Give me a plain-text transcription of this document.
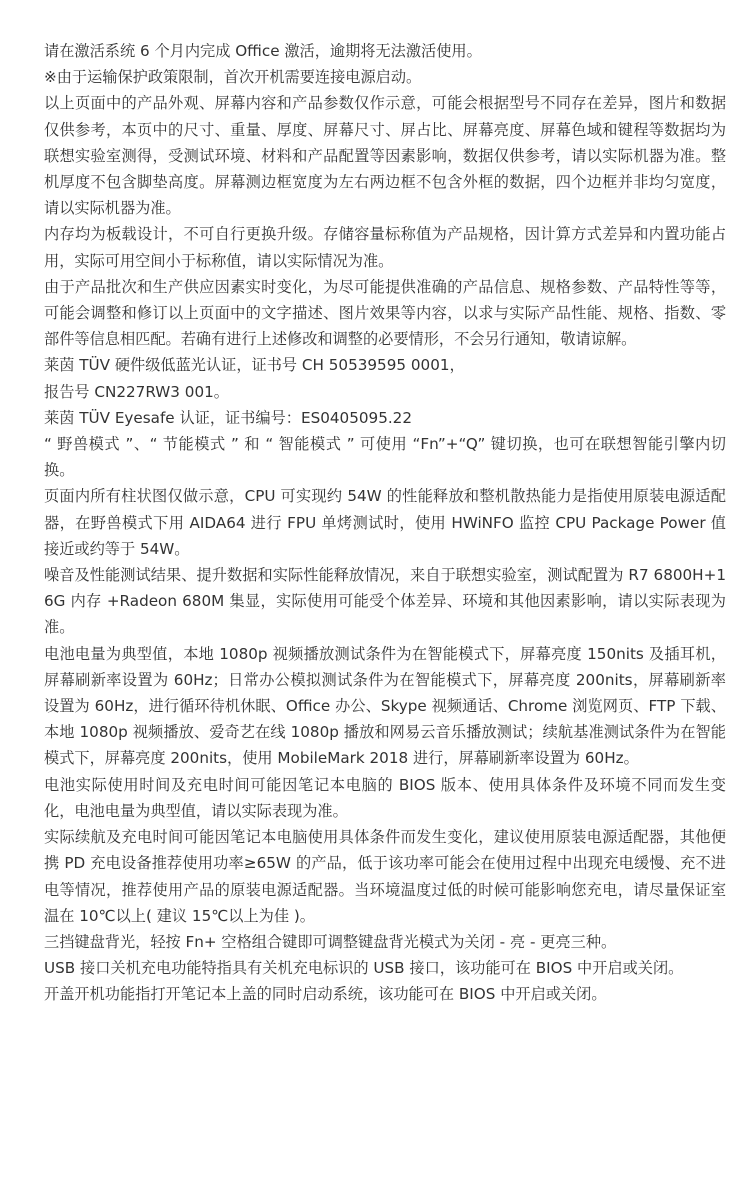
请在激活系统 6 个月内完成 Office 激活，逾期将无法激活使用。

※由于运输保护政策限制，首次开机需要连接电源启动。

以上页面中的产品外观、屏幕内容和产品参数仅作示意，可能会根据型号不同存在差异，图片和数据仅供参考，本页中的尺寸、重量、厚度、屏幕尺寸、屏占比、屏幕亮度、屏幕色域和键程等数据均为联想实验室测得，受测试环境、材料和产品配置等因素影响，数据仅供参考，请以实际机器为准。整机厚度不包含脚垫高度。屏幕测边框宽度为左右两边框不包含外框的数据，四个边框并非均匀宽度，请以实际机器为准。

内存均为板载设计，不可自行更换升级。存储容量标称值为产品规格，因计算方式差异和内置功能占用，实际可用空间小于标称值，请以实际情况为准。

由于产品批次和生产供应因素实时变化，为尽可能提供准确的产品信息、规格参数、产品特性等等，可能会调整和修订以上页面中的文字描述、图片效果等内容，以求与实际产品性能、规格、指数、零部件等信息相匹配。若确有进行上述修改和调整的必要情形，不会另行通知，敬请谅解。

莱茵 TÜV 硬件级低蓝光认证，证书号 CH 50539595 0001，

报告号 CN227RW3 001。

莱茵 TÜV Eyesafe 认证，证书编号：ES0405095.22

“ 野兽模式 ”、“ 节能模式 ” 和 “ 智能模式 ” 可使用 “Fn”+“Q” 键切换，也可在联想智能引擎内切换。

页面内所有柱状图仅做示意，CPU 可实现约 54W 的性能释放和整机散热能力是指使用原装电源适配器，在野兽模式下用 AIDA64 进行 FPU 单烤测试时，使用 HWiNFO 监控 CPU Package Power 值接近或约等于 54W。

噪音及性能测试结果、提升数据和实际性能释放情况，来自于联想实验室，测试配置为 R7 6800H+16G 内存 +Radeon 680M 集显，实际使用可能受个体差异、环境和其他因素影响，请以实际表现为准。

电池电量为典型值，本地 1080p 视频播放测试条件为在智能模式下，屏幕亮度 150nits 及插耳机，屏幕刷新率设置为 60Hz；日常办公模拟测试条件为在智能模式下，屏幕亮度 200nits，屏幕刷新率设置为 60Hz，进行循环待机休眠、Office 办公、Skype 视频通话、Chrome 浏览网页、FTP 下载、本地 1080p 视频播放、爱奇艺在线 1080p 播放和网易云音乐播放测试；续航基准测试条件为在智能模式下，屏幕亮度 200nits，使用 MobileMark 2018 进行，屏幕刷新率设置为 60Hz。

电池实际使用时间及充电时间可能因笔记本电脑的 BIOS 版本、使用具体条件及环境不同而发生变化，电池电量为典型值，请以实际表现为准。

实际续航及充电时间可能因笔记本电脑使用具体条件而发生变化，建议使用原装电源适配器，其他便携 PD 充电设备推荐使用功率≥65W 的产品，低于该功率可能会在使用过程中出现充电缓慢、充不进电等情况，推荐使用产品的原装电源适配器。当环境温度过低的时候可能影响您充电，请尽量保证室温在 10℃以上( 建议 15℃以上为佳 )。

三挡键盘背光，轻按 Fn+ 空格组合键即可调整键盘背光模式为关闭 - 亮 - 更亮三种。

USB 接口关机充电功能特指具有关机充电标识的 USB 接口，该功能可在 BIOS 中开启或关闭。

开盖开机功能指打开笔记本上盖的同时启动系统，该功能可在 BIOS 中开启或关闭。
